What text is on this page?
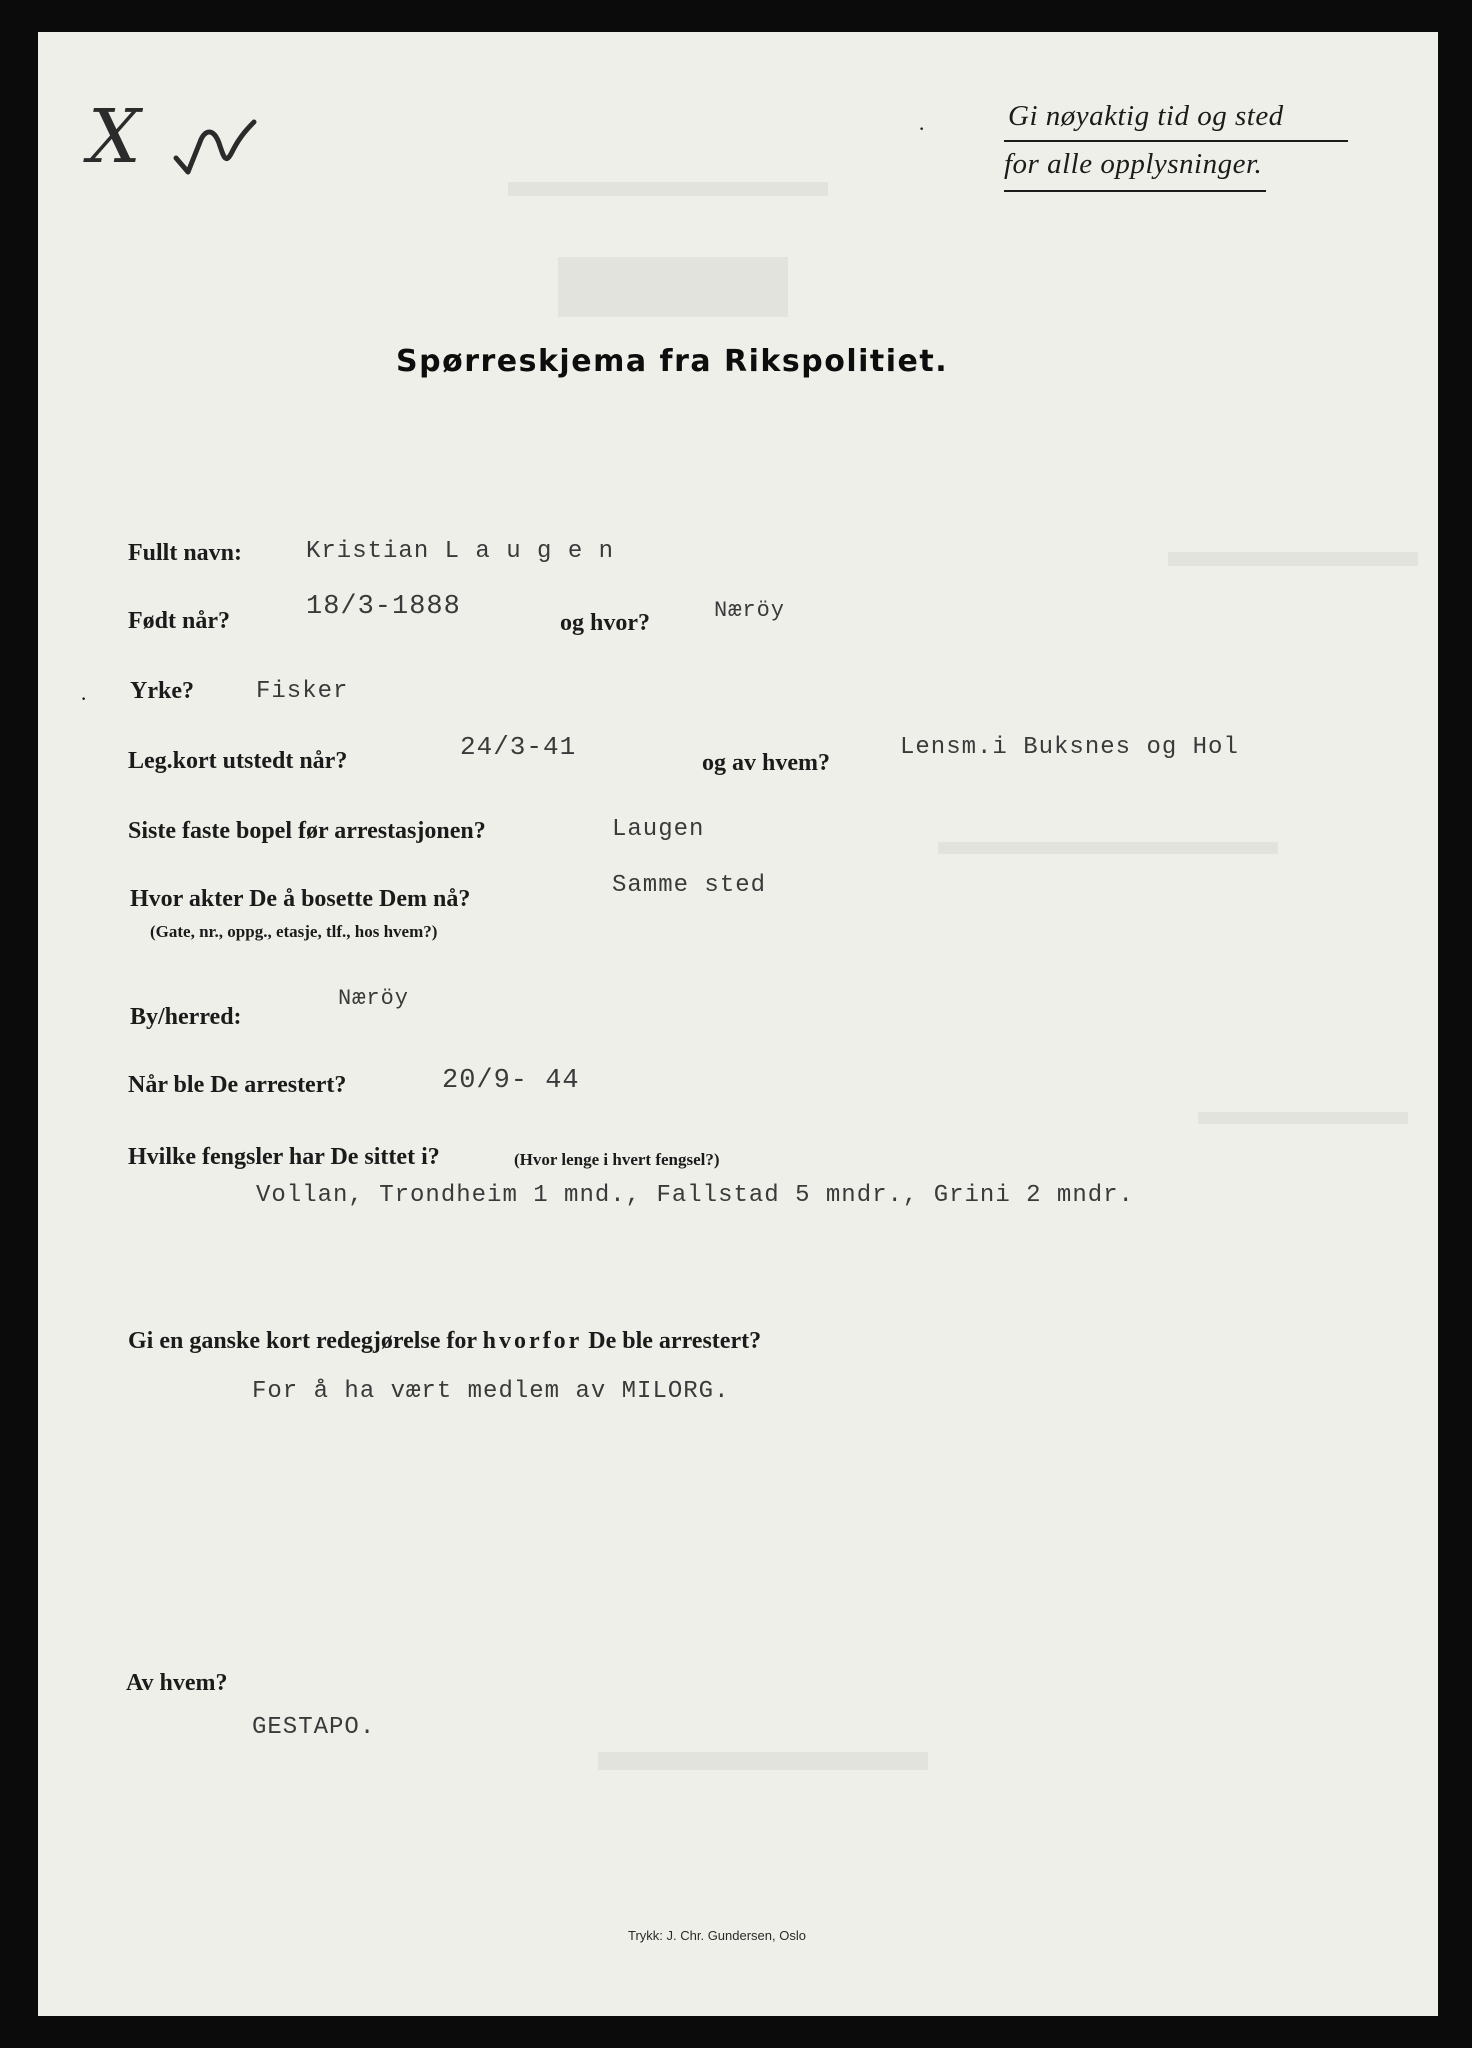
X	·	Gi nøyaktig tid og sted
for alle opplysninger.
Spørreskjema fra Rikspolitiet.
Fullt navn:	Kristian L a u g e n
Født når?	18/3-1888
og hvor?	Næröy
Yrke?	Fisker
·
Leg.kort utstedt når?	24/3-41
og av hvem?
Lensm.i Buksnes og Hol
Siste faste bopel før arrestasjonen?	Laugen
Hvor akter De å bosette Dem nå?
(Gate, nr., oppg., etasje, tlf., hos hvem?)
Samme sted
By/herred:
Næröy
Når ble De arrestert?	20/9- 44
Hvilke fengsler har De sittet i?	(Hvor lenge i hvert fengsel?)
Vollan, Trondheim 1 mnd., Fallstad 5 mndr., Grini 2 mndr.
Gi en ganske kort redegjørelse for hvorfor De ble arrestert?
For å ha vært medlem av MILORG.
Av hvem?
GESTAPO.
Trykk: J. Chr. Gundersen, Oslo
